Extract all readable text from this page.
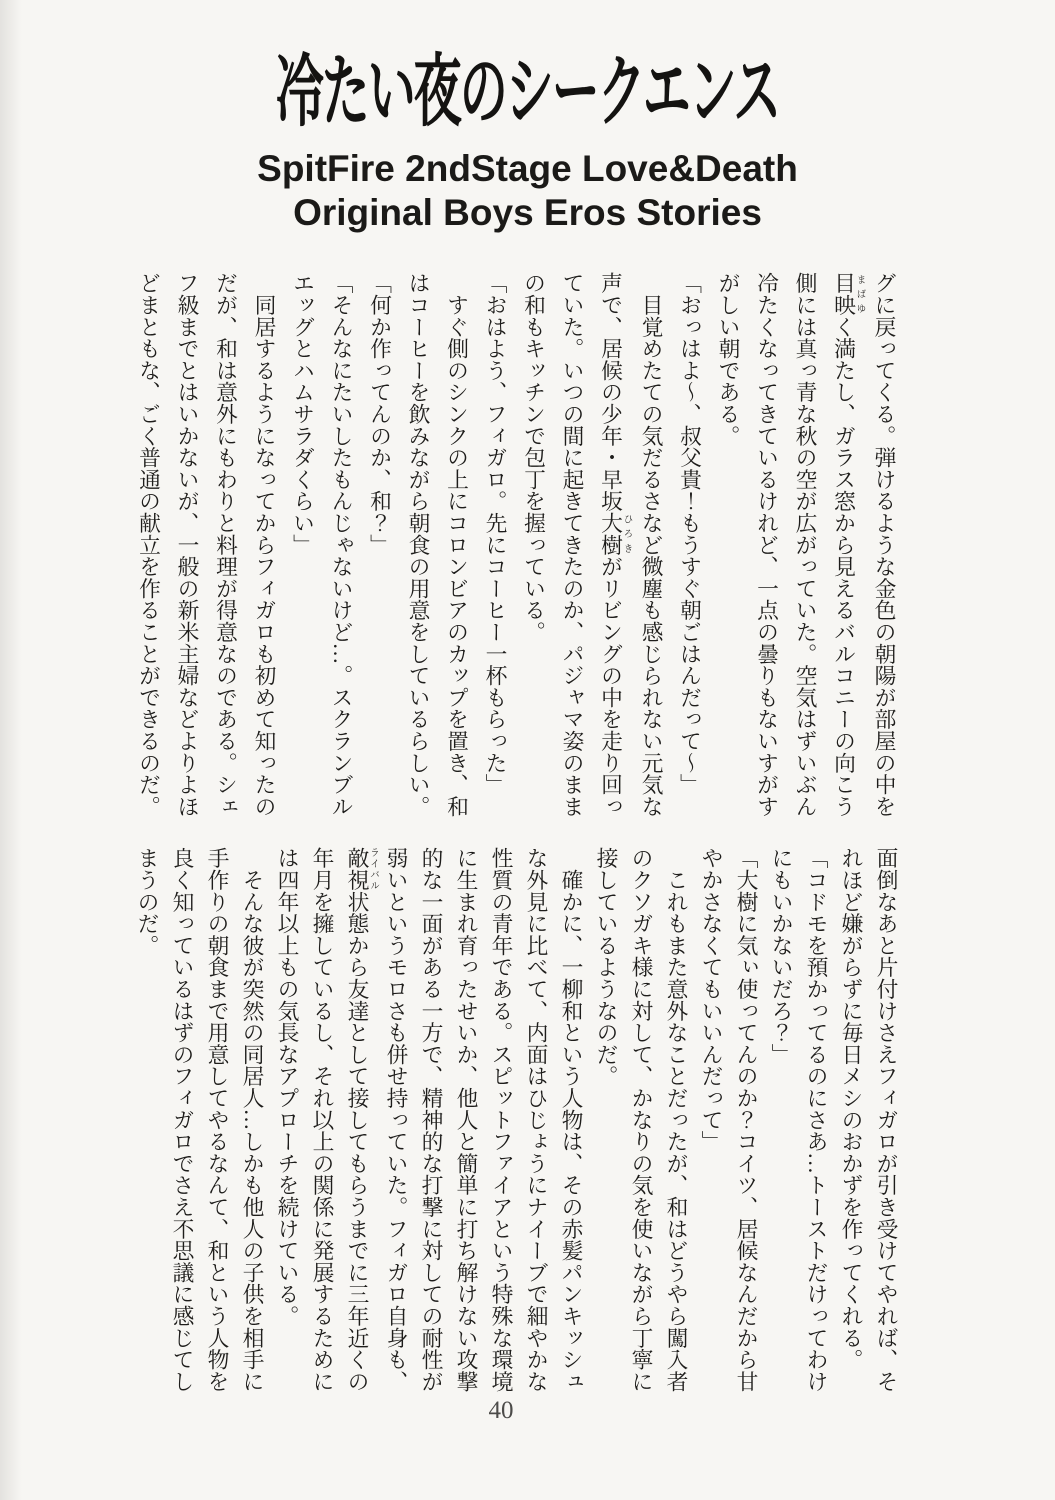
冷たい夜のシークエンス
SpitFire 2ndStage Love&Death
Original Boys Eros Stories
グに戻ってくる。弾けるような金色の朝陽が部屋の中を
目映 まばゆく満たし、ガラス窓から見えるバルコニーの向こう
側には真っ青な秋の空が広がっていた。空気はずいぶん
冷たくなってきているけれど、一点の曇りもないすがす
がしい朝である。
「おっはよ〜、叔父貴！もうすぐ朝ごはんだって〜」
　目覚めたての気だるさなど微塵も感じられない元気な
声で、居候の少年・早坂大樹 ひろきがリビングの中を走り回っ
ていた。いつの間に起きてきたのか、パジャマ姿のまま
の和もキッチンで包丁を握っている。
「おはよう、フィガロ。先にコーヒー一杯もらった」
　すぐ側のシンクの上にコロンビアのカップを置き、和
はコーヒーを飲みながら朝食の用意をしているらしい。
「何か作ってんのか、和？」
「そんなにたいしたもんじゃないけど…。スクランブル
エッグとハムサラダくらい」
　同居するようになってからフィガロも初めて知ったの
だが、和は意外にもわりと料理が得意なのである。シェ
フ級までとはいかないが、一般の新米主婦などよりよほ
どまともな、ごく普通の献立を作ることができるのだ。
面倒なあと片付けさえフィガロが引き受けてやれば、そ
れほど嫌がらずに毎日メシのおかずを作ってくれる。
「コドモを預かってるのにさあ…トーストだけってわけ
にもいかないだろ？」
「大樹に気ぃ使ってんのか？コイツ、居候なんだから甘
やかさなくてもいいんだって」
　これもまた意外なことだったが、和はどうやら闖入者
のクソガキ様に対して、かなりの気を使いながら丁寧に
接しているようなのだ。
　確かに、一柳和という人物は、その赤髪パンキッシュ
な外見に比べて、内面はひじょうにナイーブで細やかな
性質の青年である。スピットファイアという特殊な環境
に生まれ育ったせいか、他人と簡単に打ち解けない攻撃
的な一面がある一方で、精神的な打撃に対しての耐性が
弱いというモロさも併せ持っていた。フィガロ自身も、
敵視 ライバル状態から友達として接してもらうまでに三年近くの
年月を擁しているし、それ以上の関係に発展するために
は四年以上もの気長なアプローチを続けている。
　そんな彼が突然の同居人…しかも他人の子供を相手に
手作りの朝食まで用意してやるなんて、和という人物を
良く知っているはずのフィガロでさえ不思議に感じてし
まうのだ。
40
